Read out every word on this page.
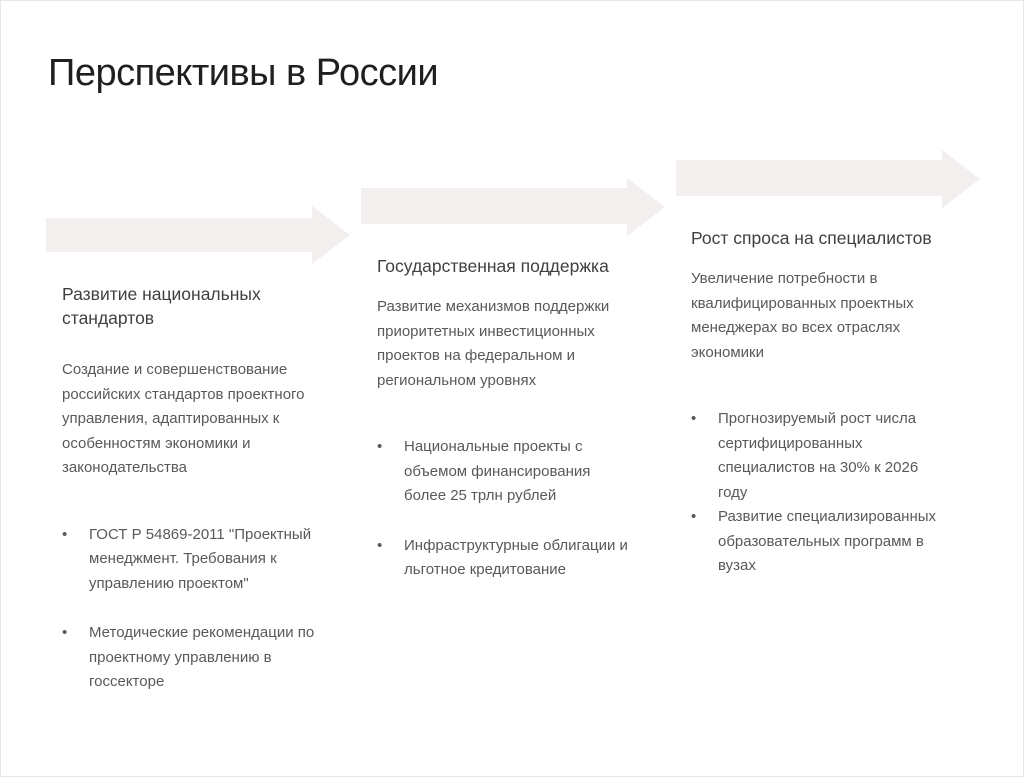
Перспективы в России

Развитие национальных стандартов

Создание и совершенствование российских стандартов проектного управления, адаптированных к особенностям экономики и законодательства

• ГОСТ Р 54869-2011 "Проектный менеджмент. Требования к управлению проектом"
• Методические рекомендации по проектному управлению в госсекторе

Государственная поддержка

Развитие механизмов поддержки приоритетных инвестиционных проектов на федеральном и региональном уровнях

• Национальные проекты с объемом финансирования более 25 трлн рублей
• Инфраструктурные облигации и льготное кредитование

Рост спроса на специалистов

Увеличение потребности в квалифицированных проектных менеджерах во всех отраслях экономики

• Прогнозируемый рост числа сертифицированных специалистов на 30% к 2026 году
• Развитие специализированных образовательных программ в вузах
